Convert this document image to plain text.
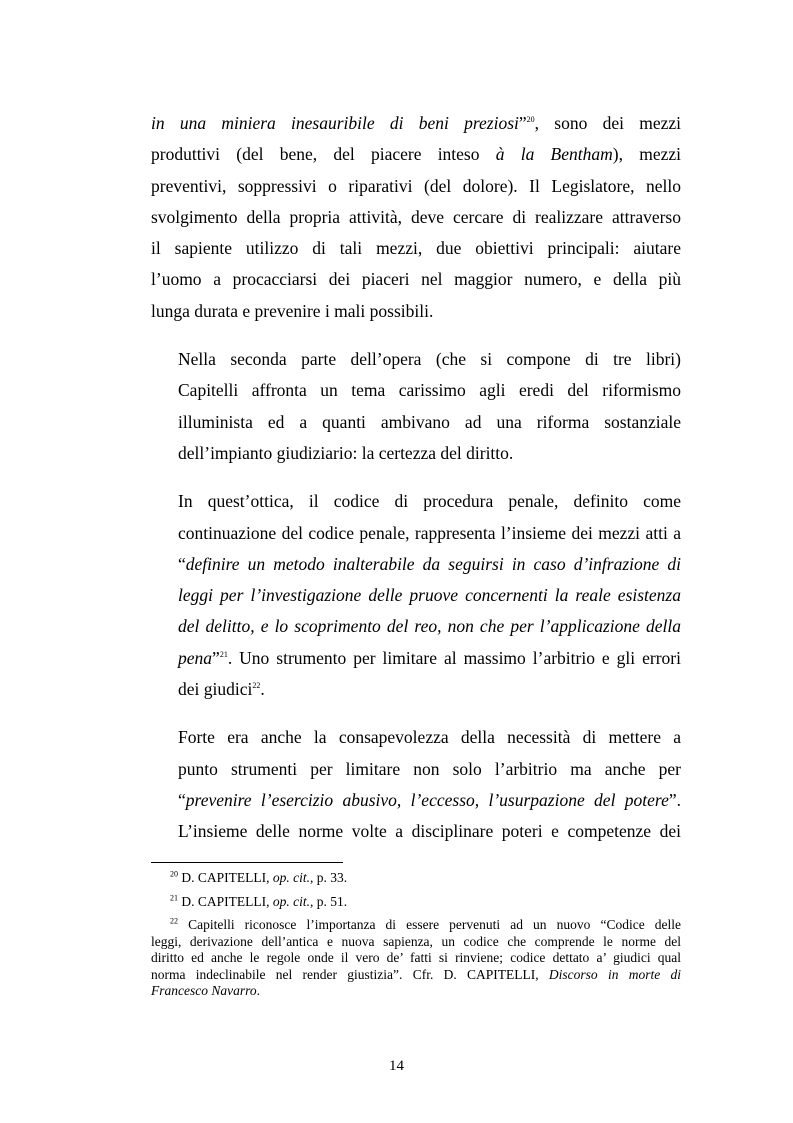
in una miniera inesauribile di beni preziosi”$^{20}$, sono dei mezzi
produttivi (del bene, del piacere inteso à la Bentham), mezzi
preventivi, soppressivi o riparativi (del dolore). Il Legislatore, nello
svolgimento della propria attività, deve cercare di realizzare attraverso
il sapiente utilizzo di tali mezzi, due obiettivi principali: aiutare
l’uomo a procacciarsi dei piaceri nel maggior numero, e della più
lunga durata e prevenire i mali possibili.

Nella seconda parte dell’opera (che si compone di tre libri)
Capitelli affronta un tema carissimo agli eredi del riformismo
illuminista ed a quanti ambivano ad una riforma sostanziale
dell’impianto giudiziario: la certezza del diritto.

In quest’ottica, il codice di procedura penale, definito come
continuazione del codice penale, rappresenta l’insieme dei mezzi atti a
“definire un metodo inalterabile da seguirsi in caso d’infrazione di
leggi per l’investigazione delle pruove concernenti la reale esistenza
del delitto, e lo scoprimento del reo, non che per l’applicazione della
pena”$^{21}$. Uno strumento per limitare al massimo l’arbitrio e gli errori
dei giudici$^{22}$.

Forte era anche la consapevolezza della necessità di mettere a
punto strumenti per limitare non solo l’arbitrio ma anche per
“prevenire l’esercizio abusivo, l’eccesso, l’usurpazione del potere”.
L’insieme delle norme volte a disciplinare poteri e competenze dei

$^{20}$ D. CAPITELLI, op. cit., p. 33.

$^{21}$ D. CAPITELLI, op. cit., p. 51.

$^{22}$ Capitelli riconosce l’importanza di essere pervenuti ad un nuovo “Codice delle
leggi, derivazione dell’antica e nuova sapienza, un codice che comprende le norme del
diritto ed anche le regole onde il vero de’ fatti si rinviene; codice dettato a’ giudici qual
norma indeclinabile nel render giustizia”. Cfr. D. CAPITELLI, Discorso in morte di
Francesco Navarro.

14
